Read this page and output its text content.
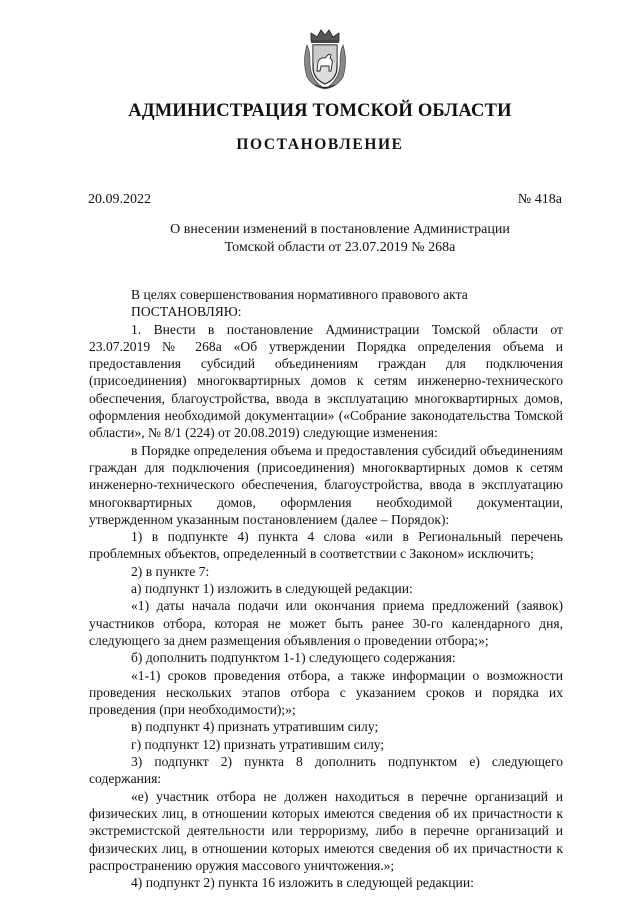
АДМИНИСТРАЦИЯ ТОМСКОЙ ОБЛАСТИ
ПОСТАНОВЛЕНИЕ
20.09.2022	№ 418а
О внесении изменений в постановление Администрации
Томской области от 23.07.2019 № 268а

В целях совершенствования нормативного правового акта

ПОСТАНОВЛЯЮ:

1. Внести в постановление Администрации Томской области от 23.07.2019 № 268а «Об утверждении Порядка определения объема и предоставления субсидий объединениям граждан для подключения (присоединения) многоквартирных домов к сетям инженерно-технического обеспечения, благоустройства, ввода в эксплуатацию многоквартирных домов, оформления необходимой документации» («Собрание законодательства Томской области», № 8/1 (224) от 20.08.2019) следующие изменения:

в Порядке определения объема и предоставления субсидий объединениям граждан для подключения (присоединения) многоквартирных домов к сетям инженерно-технического обеспечения, благоустройства, ввода в эксплуатацию многоквартирных домов, оформления необходимой документации, утвержденном указанным постановлением (далее – Порядок):

1) в подпункте 4) пункта 4 слова «или в Региональный перечень проблемных объектов, определенный в соответствии с Законом» исключить;

2) в пункте 7:

а) подпункт 1) изложить в следующей редакции:

«1) даты начала подачи или окончания приема предложений (заявок) участников отбора, которая не может быть ранее 30-го календарного дня, следующего за днем размещения объявления о проведении отбора;»;

б) дополнить подпунктом 1-1) следующего содержания:

«1-1) сроков проведения отбора, а также информации о возможности проведения нескольких этапов отбора с указанием сроков и порядка их проведения (при необходимости);»;

в) подпункт 4) признать утратившим силу;

г) подпункт 12) признать утратившим силу;

3) подпункт 2) пункта 8 дополнить подпунктом е) следующего содержания:

«е) участник отбора не должен находиться в перечне организаций и физических лиц, в отношении которых имеются сведения об их причастности к экстремистской деятельности или терроризму, либо в перечне организаций и физических лиц, в отношении которых имеются сведения об их причастности к распространению оружия массового уничтожения.»;

4) подпункт 2) пункта 16 изложить в следующей редакции:
